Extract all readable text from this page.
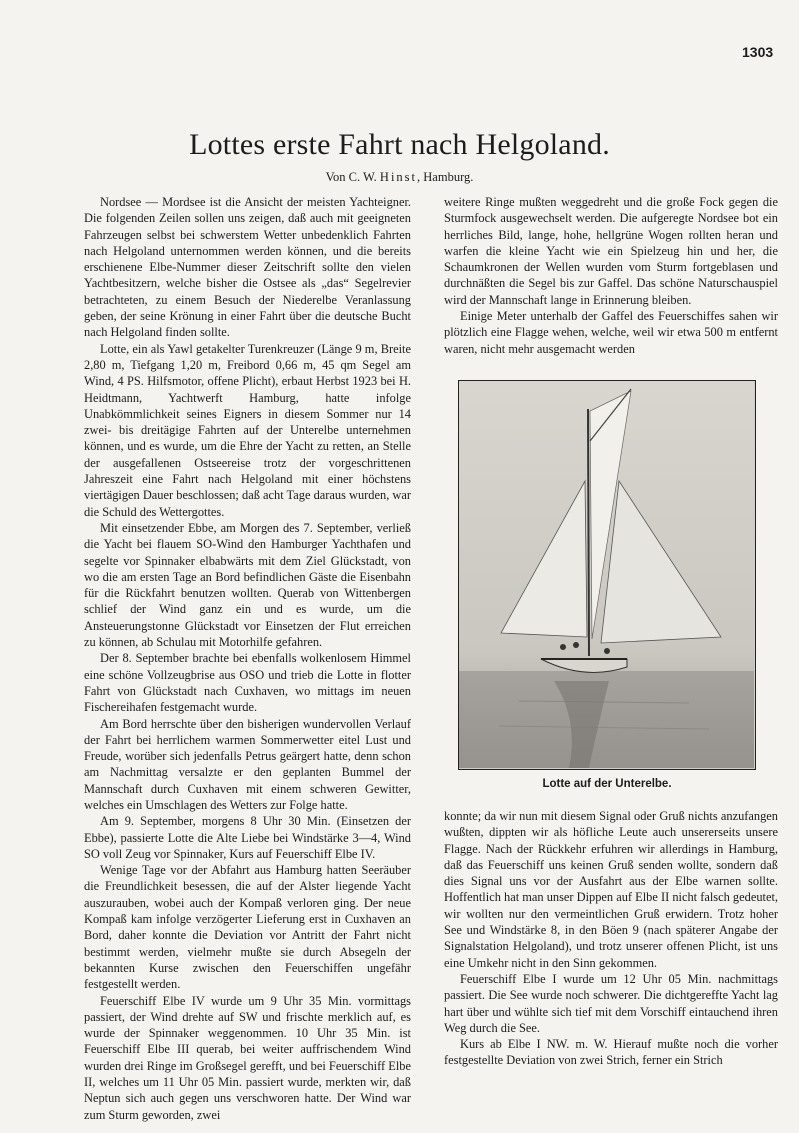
1303
Lottes erste Fahrt nach Helgoland.
Von C. W. Hinst, Hamburg.

Nordsee — Mordsee ist die Ansicht der meisten Yachteigner. Die folgenden Zeilen sollen uns zeigen, daß auch mit geeigneten Fahrzeugen selbst bei schwerstem Wetter unbedenklich Fahrten nach Helgoland unternommen werden können, und die bereits erschienene Elbe-Nummer dieser Zeitschrift sollte den vielen Yachtbesitzern, welche bisher die Ostsee als „das“ Segelrevier betrachteten, zu einem Besuch der Niederelbe Veranlassung geben, der seine Krönung in einer Fahrt über die deutsche Bucht nach Helgoland finden sollte.

Lotte, ein als Yawl getakelter Turenkreuzer (Länge 9 m, Breite 2,80 m, Tiefgang 1,20 m, Freibord 0,66 m, 45 qm Segel am Wind, 4 PS. Hilfsmotor, offene Plicht), erbaut Herbst 1923 bei H. Heidtmann, Yachtwerft Hamburg, hatte infolge Unabkömmlichkeit seines Eigners in diesem Sommer nur 14 zwei- bis dreitägige Fahrten auf der Unterelbe unternehmen können, und es wurde, um die Ehre der Yacht zu retten, an Stelle der ausgefallenen Ostseereise trotz der vorgeschrittenen Jahreszeit eine Fahrt nach Helgoland mit einer höchstens viertägigen Dauer beschlossen; daß acht Tage daraus wurden, war die Schuld des Wettergottes.

Mit einsetzender Ebbe, am Morgen des 7. September, verließ die Yacht bei flauem SO-Wind den Hamburger Yachthafen und segelte vor Spinnaker elbabwärts mit dem Ziel Glückstadt, von wo die am ersten Tage an Bord befindlichen Gäste die Eisenbahn für die Rückfahrt benutzen wollten. Querab von Wittenbergen schlief der Wind ganz ein und es wurde, um die Ansteuerungstonne Glückstadt vor Einsetzen der Flut erreichen zu können, ab Schulau mit Motorhilfe gefahren.

Der 8. September brachte bei ebenfalls wolkenlosem Himmel eine schöne Vollzeugbrise aus OSO und trieb die Lotte in flotter Fahrt von Glückstadt nach Cuxhaven, wo mittags im neuen Fischereihafen festgemacht wurde.

Am Bord herrschte über den bisherigen wundervollen Verlauf der Fahrt bei herrlichem warmen Sommerwetter eitel Lust und Freude, worüber sich jedenfalls Petrus geärgert hatte, denn schon am Nachmittag versalzte er den geplanten Bummel der Mannschaft durch Cuxhaven mit einem schweren Gewitter, welches ein Umschlagen des Wetters zur Folge hatte.

Am 9. September, morgens 8 Uhr 30 Min. (Einsetzen der Ebbe), passierte Lotte die Alte Liebe bei Windstärke 3—4, Wind SO voll Zeug vor Spinnaker, Kurs auf Feuerschiff Elbe IV.

Wenige Tage vor der Abfahrt aus Hamburg hatten Seeräuber die Freundlichkeit besessen, die auf der Alster liegende Yacht auszurauben, wobei auch der Kompaß verloren ging. Der neue Kompaß kam infolge verzögerter Lieferung erst in Cuxhaven an Bord, daher konnte die Deviation vor Antritt der Fahrt nicht bestimmt werden, vielmehr mußte sie durch Absegeln der bekannten Kurse zwischen den Feuerschiffen ungefähr festgestellt werden.

Feuerschiff Elbe IV wurde um 9 Uhr 35 Min. vormittags passiert, der Wind drehte auf SW und frischte merklich auf, es wurde der Spinnaker weggenommen. 10 Uhr 35 Min. ist Feuerschiff Elbe III querab, bei weiter auffrischendem Wind wurden drei Ringe im Großsegel gerefft, und bei Feuerschiff Elbe II, welches um 11 Uhr 05 Min. passiert wurde, merkten wir, daß Neptun sich auch gegen uns verschworen hatte. Der Wind war zum Sturm geworden, zwei

weitere Ringe mußten weggedreht und die große Fock gegen die Sturmfock ausgewechselt werden. Die aufgeregte Nordsee bot ein herrliches Bild, lange, hohe, hellgrüne Wogen rollten heran und warfen die kleine Yacht wie ein Spielzeug hin und her, die Schaumkronen der Wellen wurden vom Sturm fortgeblasen und durchnäßten die Segel bis zur Gaffel. Das schöne Naturschauspiel wird der Mannschaft lange in Erinnerung bleiben.

Einige Meter unterhalb der Gaffel des Feuerschiffes sahen wir plötzlich eine Flagge wehen, welche, weil wir etwa 500 m entfernt waren, nicht mehr ausgemacht werden

Lotte auf der Unterelbe.

konnte; da wir nun mit diesem Signal oder Gruß nichts anzufangen wußten, dippten wir als höfliche Leute auch unsererseits unsere Flagge. Nach der Rückkehr erfuhren wir allerdings in Hamburg, daß das Feuerschiff uns keinen Gruß senden wollte, sondern daß dies Signal uns vor der Ausfahrt aus der Elbe warnen sollte. Hoffentlich hat man unser Dippen auf Elbe II nicht falsch gedeutet, wir wollten nur den vermeintlichen Gruß erwidern. Trotz hoher See und Windstärke 8, in den Böen 9 (nach späterer Angabe der Signalstation Helgoland), und trotz unserer offenen Plicht, ist uns eine Umkehr nicht in den Sinn gekommen.

Feuerschiff Elbe I wurde um 12 Uhr 05 Min. nachmittags passiert. Die See wurde noch schwerer. Die dichtgereffte Yacht lag hart über und wühlte sich tief mit dem Vorschiff eintauchend ihren Weg durch die See.

Kurs ab Elbe I NW. m. W. Hierauf mußte noch die vorher festgestellte Deviation von zwei Strich, ferner ein Strich
